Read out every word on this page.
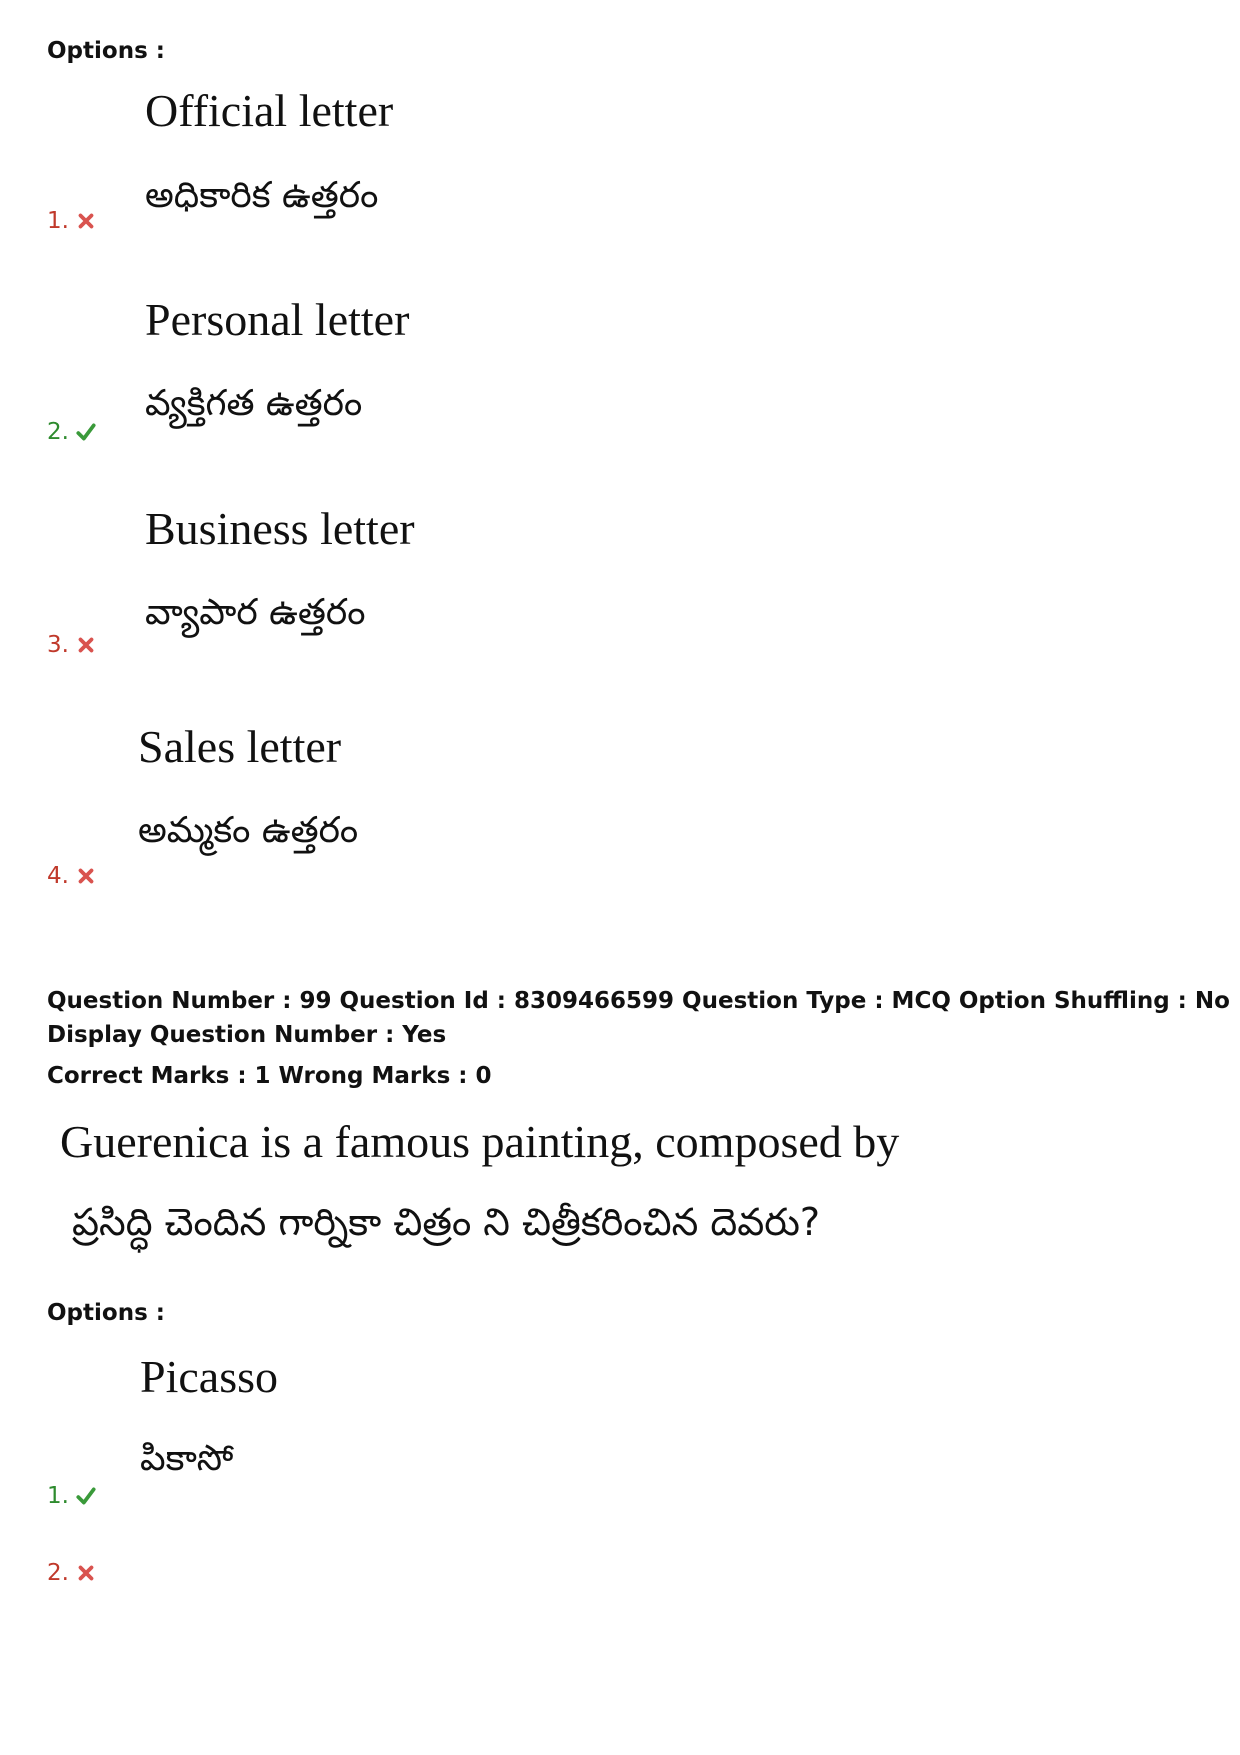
Options :
Official letter
అధికారిక ఉత్తరం
1.
Personal letter
వ్యక్తిగత ఉత్తరం
2.
Business letter
వ్యాపార ఉత్తరం
3.
Sales letter
అమ్మకం ఉత్తరం
4.
Question Number : 99 Question Id : 8309466599 Question Type : MCQ Option Shuffling : No
Display Question Number : Yes
Correct Marks : 1 Wrong Marks : 0
Guerenica is a famous painting, composed by
ప్రసిద్ధి చెందిన గార్నికా చిత్రం ని చిత్రీకరించిన దెవరు?
Options :
Picasso
పికాసో
1.
2.
